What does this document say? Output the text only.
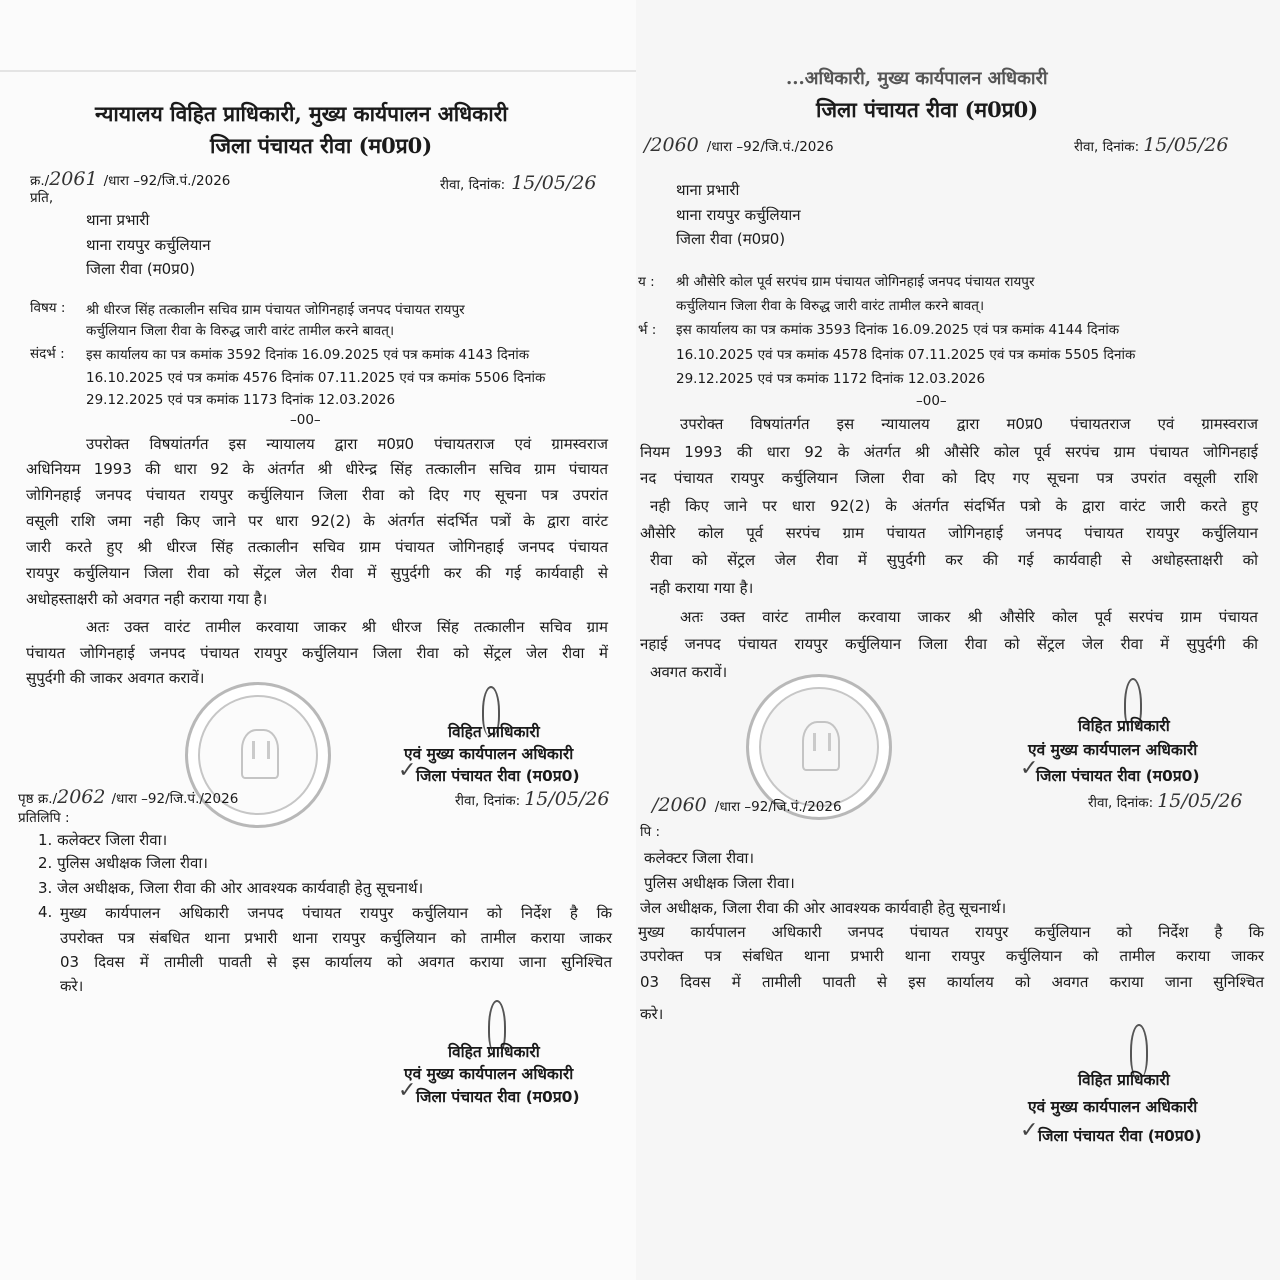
न्यायालय विहित प्राधिकारी, मुख्य कार्यपालन अधिकारी
जिला पंचायत रीवा (म0प्र0)
क्र./2061 /धारा –92/जि.पं./2026	रीवा, दिनांक: 15/05/26
प्रति,
थाना प्रभारी
थाना रायपुर कर्चुलियान
जिला रीवा (म0प्र0)
विषय : श्री धीरज सिंह तत्कालीन सचिव ग्राम पंचायत जोगिनहाई जनपद पंचायत रायपुर
कर्चुलियान जिला रीवा के विरुद्ध जारी वारंट तामील करने बावत्।
संदर्भ : इस कार्यालय का पत्र कमांक 3592 दिनांक 16.09.2025 एवं पत्र कमांक 4143 दिनांक
16.10.2025 एवं पत्र कमांक 4576 दिनांक 07.11.2025 एवं पत्र कमांक 5506 दिनांक
29.12.2025 एवं पत्र कमांक 1173 दिनांक 12.03.2026
–00–
उपरोक्त विषयांतर्गत इस न्यायालय द्वारा म0प्र0 पंचायतराज एवं ग्रामस्वराज
अधिनियम 1993 की धारा 92 के अंतर्गत श्री धीरेन्द्र सिंह तत्कालीन सचिव ग्राम पंचायत
जोगिनहाई जनपद पंचायत रायपुर कर्चुलियान जिला रीवा को दिए गए सूचना पत्र उपरांत
वसूली राशि जमा नही किए जाने पर धारा 92(2) के अंतर्गत संदर्भित पत्रों के द्वारा वारंट
जारी करते हुए श्री धीरज सिंह तत्कालीन सचिव ग्राम पंचायत जोगिनहाई जनपद पंचायत
रायपुर कर्चुलियान जिला रीवा को सेंट्रल जेल रीवा में सुपुर्दगी कर की गई कार्यवाही से
अधोहस्ताक्षरी को अवगत नही कराया गया है।
अतः उक्त वारंट तामील करवाया जाकर श्री धीरज सिंह तत्कालीन सचिव ग्राम
पंचायत जोगिनहाई जनपद पंचायत रायपुर कर्चुलियान जिला रीवा को सेंट्रल जेल रीवा में
सुपुर्दगी की जाकर अवगत करावें।
विहित प्राधिकारी
एवं मुख्य कार्यपालन अधिकारी
✓ जिला पंचायत रीवा (म0प्र0)
पृष्ठ क्र./2062 /धारा –92/जि.पं./2026	रीवा, दिनांक: 15/05/26
प्रतिलिपि :
1. कलेक्टर जिला रीवा।
2. पुलिस अधीक्षक जिला रीवा।
3. जेल अधीक्षक, जिला रीवा की ओर आवश्यक कार्यवाही हेतु सूचनार्थ।
4. मुख्य कार्यपालन अधिकारी जनपद पंचायत रायपुर कर्चुलियान को निर्देश है कि
उपरोक्त पत्र संबधित थाना प्रभारी थाना रायपुर कर्चुलियान को तामील कराया जाकर
03 दिवस में तामीली पावती से इस कार्यालय को अवगत कराया जाना सुनिश्चित
करे।
विहित प्राधिकारी
एवं मुख्य कार्यपालन अधिकारी
✓ जिला पंचायत रीवा (म0प्र0)
...अधिकारी, मुख्य कार्यपालन अधिकारी
जिला पंचायत रीवा (म0प्र0)
/2060 /धारा –92/जि.पं./2026	रीवा, दिनांक: 15/05/26
थाना प्रभारी
थाना रायपुर कर्चुलियान
जिला रीवा (म0प्र0)
य : श्री औसेरि कोल पूर्व सरपंच ग्राम पंचायत जोगिनहाई जनपद पंचायत रायपुर
कर्चुलियान जिला रीवा के विरुद्ध जारी वारंट तामील करने बावत्।
र्भ : इस कार्यालय का पत्र कमांक 3593 दिनांक 16.09.2025 एवं पत्र कमांक 4144 दिनांक
16.10.2025 एवं पत्र कमांक 4578 दिनांक 07.11.2025 एवं पत्र कमांक 5505 दिनांक
29.12.2025 एवं पत्र कमांक 1172 दिनांक 12.03.2026
–00–
उपरोक्त विषयांतर्गत इस न्यायालय द्वारा म0प्र0 पंचायतराज एवं ग्रामस्वराज
नियम 1993 की धारा 92 के अंतर्गत श्री औसेरि कोल पूर्व सरपंच ग्राम पंचायत जोगिनहाई
नद पंचायत रायपुर कर्चुलियान जिला रीवा को दिए गए सूचना पत्र उपरांत वसूली राशि
नही किए जाने पर धारा 92(2) के अंतर्गत संदर्भित पत्रो के द्वारा वारंट जारी करते हुए
औसेरि कोल पूर्व सरपंच ग्राम पंचायत जोगिनहाई जनपद पंचायत रायपुर कर्चुलियान
रीवा को सेंट्रल जेल रीवा में सुपुर्दगी कर की गई कार्यवाही से अधोहस्ताक्षरी को
नही कराया गया है।
अतः उक्त वारंट तामील करवाया जाकर श्री औसेरि कोल पूर्व सरपंच ग्राम पंचायत
नहाई जनपद पंचायत रायपुर कर्चुलियान जिला रीवा को सेंट्रल जेल रीवा में सुपुर्दगी की
अवगत करावें।
विहित प्राधिकारी
एवं मुख्य कार्यपालन अधिकारी
✓
जिला पंचायत रीवा (म0प्र0)
रीवा, दिनांक: 15/05/26
/2060 /धारा –92/जि.पं./2026
पि :
कलेक्टर जिला रीवा।
पुलिस अधीक्षक जिला रीवा।
जेल अधीक्षक, जिला रीवा की ओर आवश्यक कार्यवाही हेतु सूचनार्थ।
मुख्य कार्यपालन अधिकारी जनपद पंचायत रायपुर कर्चुलियान को निर्देश है कि
उपरोक्त पत्र संबधित थाना प्रभारी थाना रायपुर कर्चुलियान को तामील कराया जाकर
03 दिवस में तामीली पावती से इस कार्यालय को अवगत कराया जाना सुनिश्चित
करे।
विहित प्राधिकारी
एवं मुख्य कार्यपालन अधिकारी
✓ जिला पंचायत रीवा (म0प्र0)
